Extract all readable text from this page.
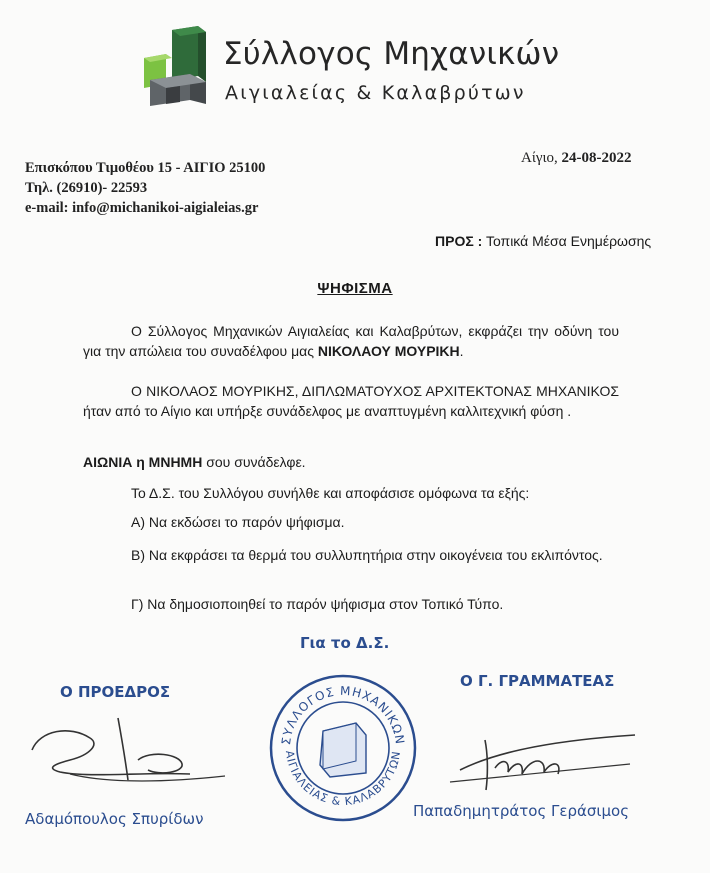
Σύλλογος Μηχανικών
Αιγιαλείας & Καλαβρύτων
Επισκόπου Τιμοθέου 15 - ΑΙΓΙΟ 25100
Τηλ. (26910)- 22593
e-mail: info@michanikoi-aigialeias.gr
Αίγιο, 24-08-2022
ΠΡΟΣ : Τοπικά Μέσα Ενημέρωσης
ΨΗΦΙΣΜΑ
Ο Σύλλογος Μηχανικών Αιγιαλείας και Καλαβρύτων, εκφράζει την οδύνη του για την απώλεια του συναδέλφου μας ΝΙΚΟΛΑΟΥ ΜΟΥΡΙΚΗ.
Ο ΝΙΚΟΛΑΟΣ ΜΟΥΡΙΚΗΣ, ΔΙΠΛΩΜΑΤΟΥΧΟΣ ΑΡΧΙΤΕΚΤΟΝΑΣ ΜΗΧΑΝΙΚΟΣ ήταν από το Αίγιο και υπήρξε συνάδελφος με αναπτυγμένη καλλιτεχνική φύση .
ΑΙΩΝΙΑ η ΜΝΗΜΗ σου συνάδελφε.
Το Δ.Σ. του Συλλόγου συνήλθε και αποφάσισε ομόφωνα τα εξής:
Α) Να εκδώσει το παρόν ψήφισμα.
Β) Να εκφράσει τα θερμά του συλλυπητήρια στην οικογένεια του εκλιπόντος.
Γ) Να δημοσιοποιηθεί το παρόν ψήφισμα στον Τοπικό Τύπο.
Για το Δ.Σ.
Ο ΠΡΟΕΔΡΟΣ
Ο Γ. ΓΡΑΜΜΑΤΕΑΣ
ΣΥΛΛΟΓΟΣ ΜΗΧΑΝΙΚΩΝ
ΑΙΓΙΑΛΕΙΑΣ & ΚΑΛΑΒΡΥΤΩΝ
Αδαμόπουλος Σπυρίδων	Παπαδημητράτος Γεράσιμος
